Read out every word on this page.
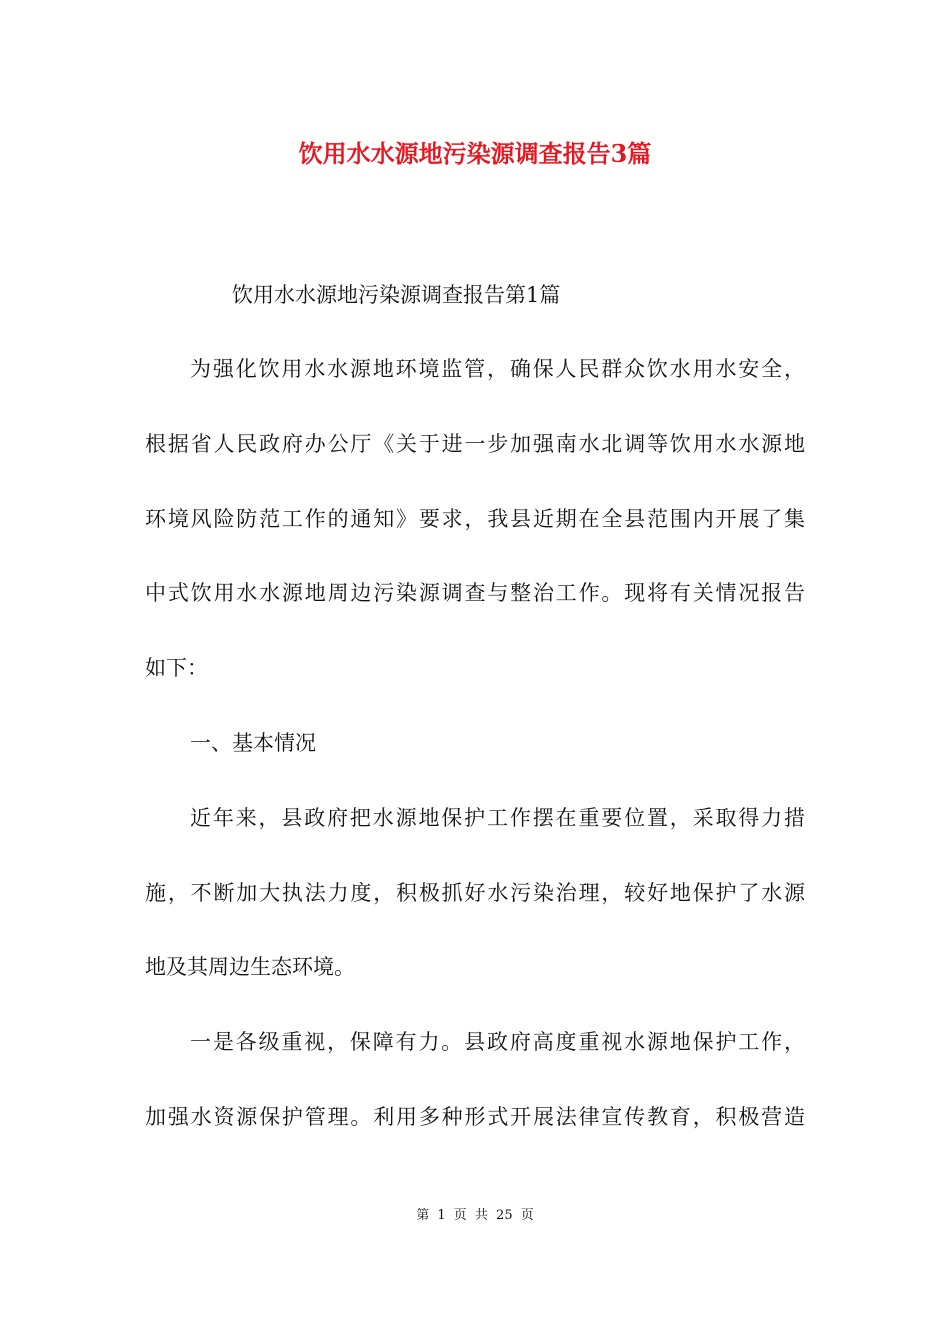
饮用水水源地污染源调查报告3篇

饮用水水源地污染源调查报告第1篇

为强化饮用水水源地环境监管，确保人民群众饮水用水安全，

根据省人民政府办公厅《关于进一步加强南水北调等饮用水水源地

环境风险防范工作的通知》要求，我县近期在全县范围内开展了集

中式饮用水水源地周边污染源调查与整治工作。现将有关情况报告

如下：

一、基本情况

近年来，县政府把水源地保护工作摆在重要位置，采取得力措

施，不断加大执法力度，积极抓好水污染治理，较好地保护了水源

地及其周边生态环境。

一是各级重视，保障有力。县政府高度重视水源地保护工作，

加强水资源保护管理。利用多种形式开展法律宣传教育，积极营造

第 1 页 共 25 页
